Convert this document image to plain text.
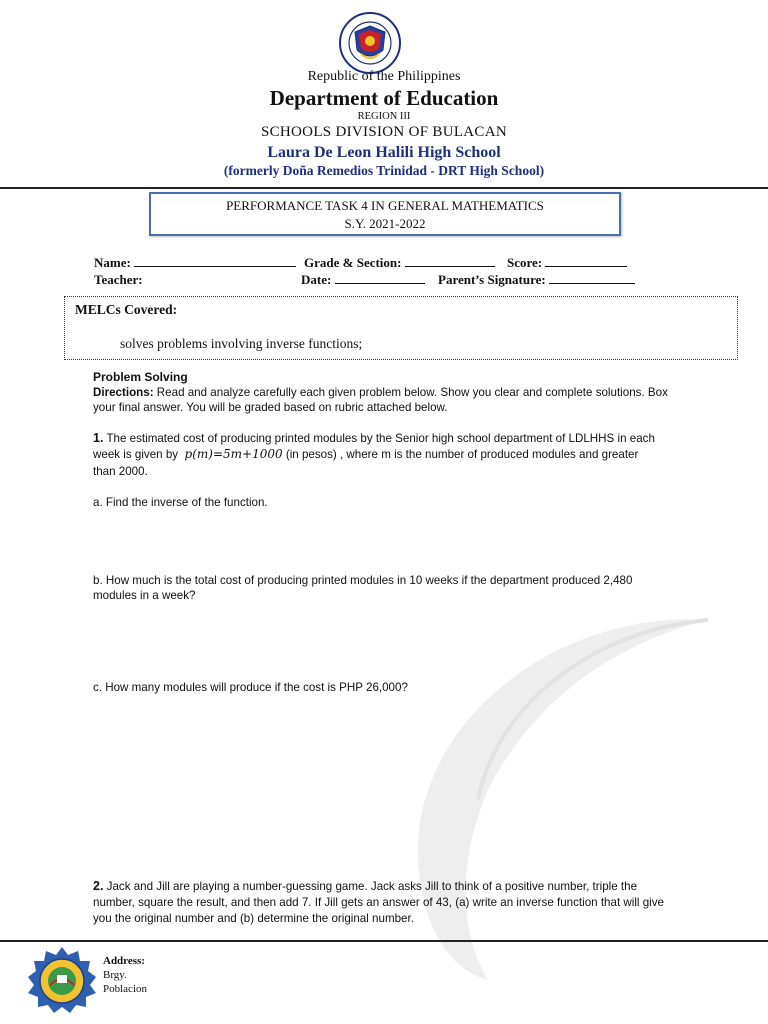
Republic of the Philippines
Department of Education
REGION III
SCHOOLS DIVISION OF BULACAN
Laura De Leon Halili High School
(formerly Doña Remedios Trinidad - DRT High School)
PERFORMANCE TASK 4 IN GENERAL MATHEMATICS
S.Y. 2021-2022
Name:	Grade & Section:	Score:
Teacher:	Date:	Parent’s Signature:
MELCs Covered:
solves problems involving inverse functions;
Problem Solving
Directions: Read and analyze carefully each given problem below. Show you clear and complete solutions. Box
your final answer. You will be graded based on rubric attached below.
1. The estimated cost of producing printed modules by the Senior high school department of LDLHHS in each
week is given by p(m)=5m+1000 (in pesos) , where m is the number of produced modules and greater
than 2000.
a. Find the inverse of the function.
b. How much is the total cost of producing printed modules in 10 weeks if the department produced 2,480
modules in a week?
c. How many modules will produce if the cost is PHP 26,000?
2. Jack and Jill are playing a number-guessing game. Jack asks Jill to think of a positive number, triple the
number, square the result, and then add 7. If Jill gets an answer of 43, (a) write an inverse function that will give
you the original number and (b) determine the original number.
Address:
Brgy.
Poblacion
